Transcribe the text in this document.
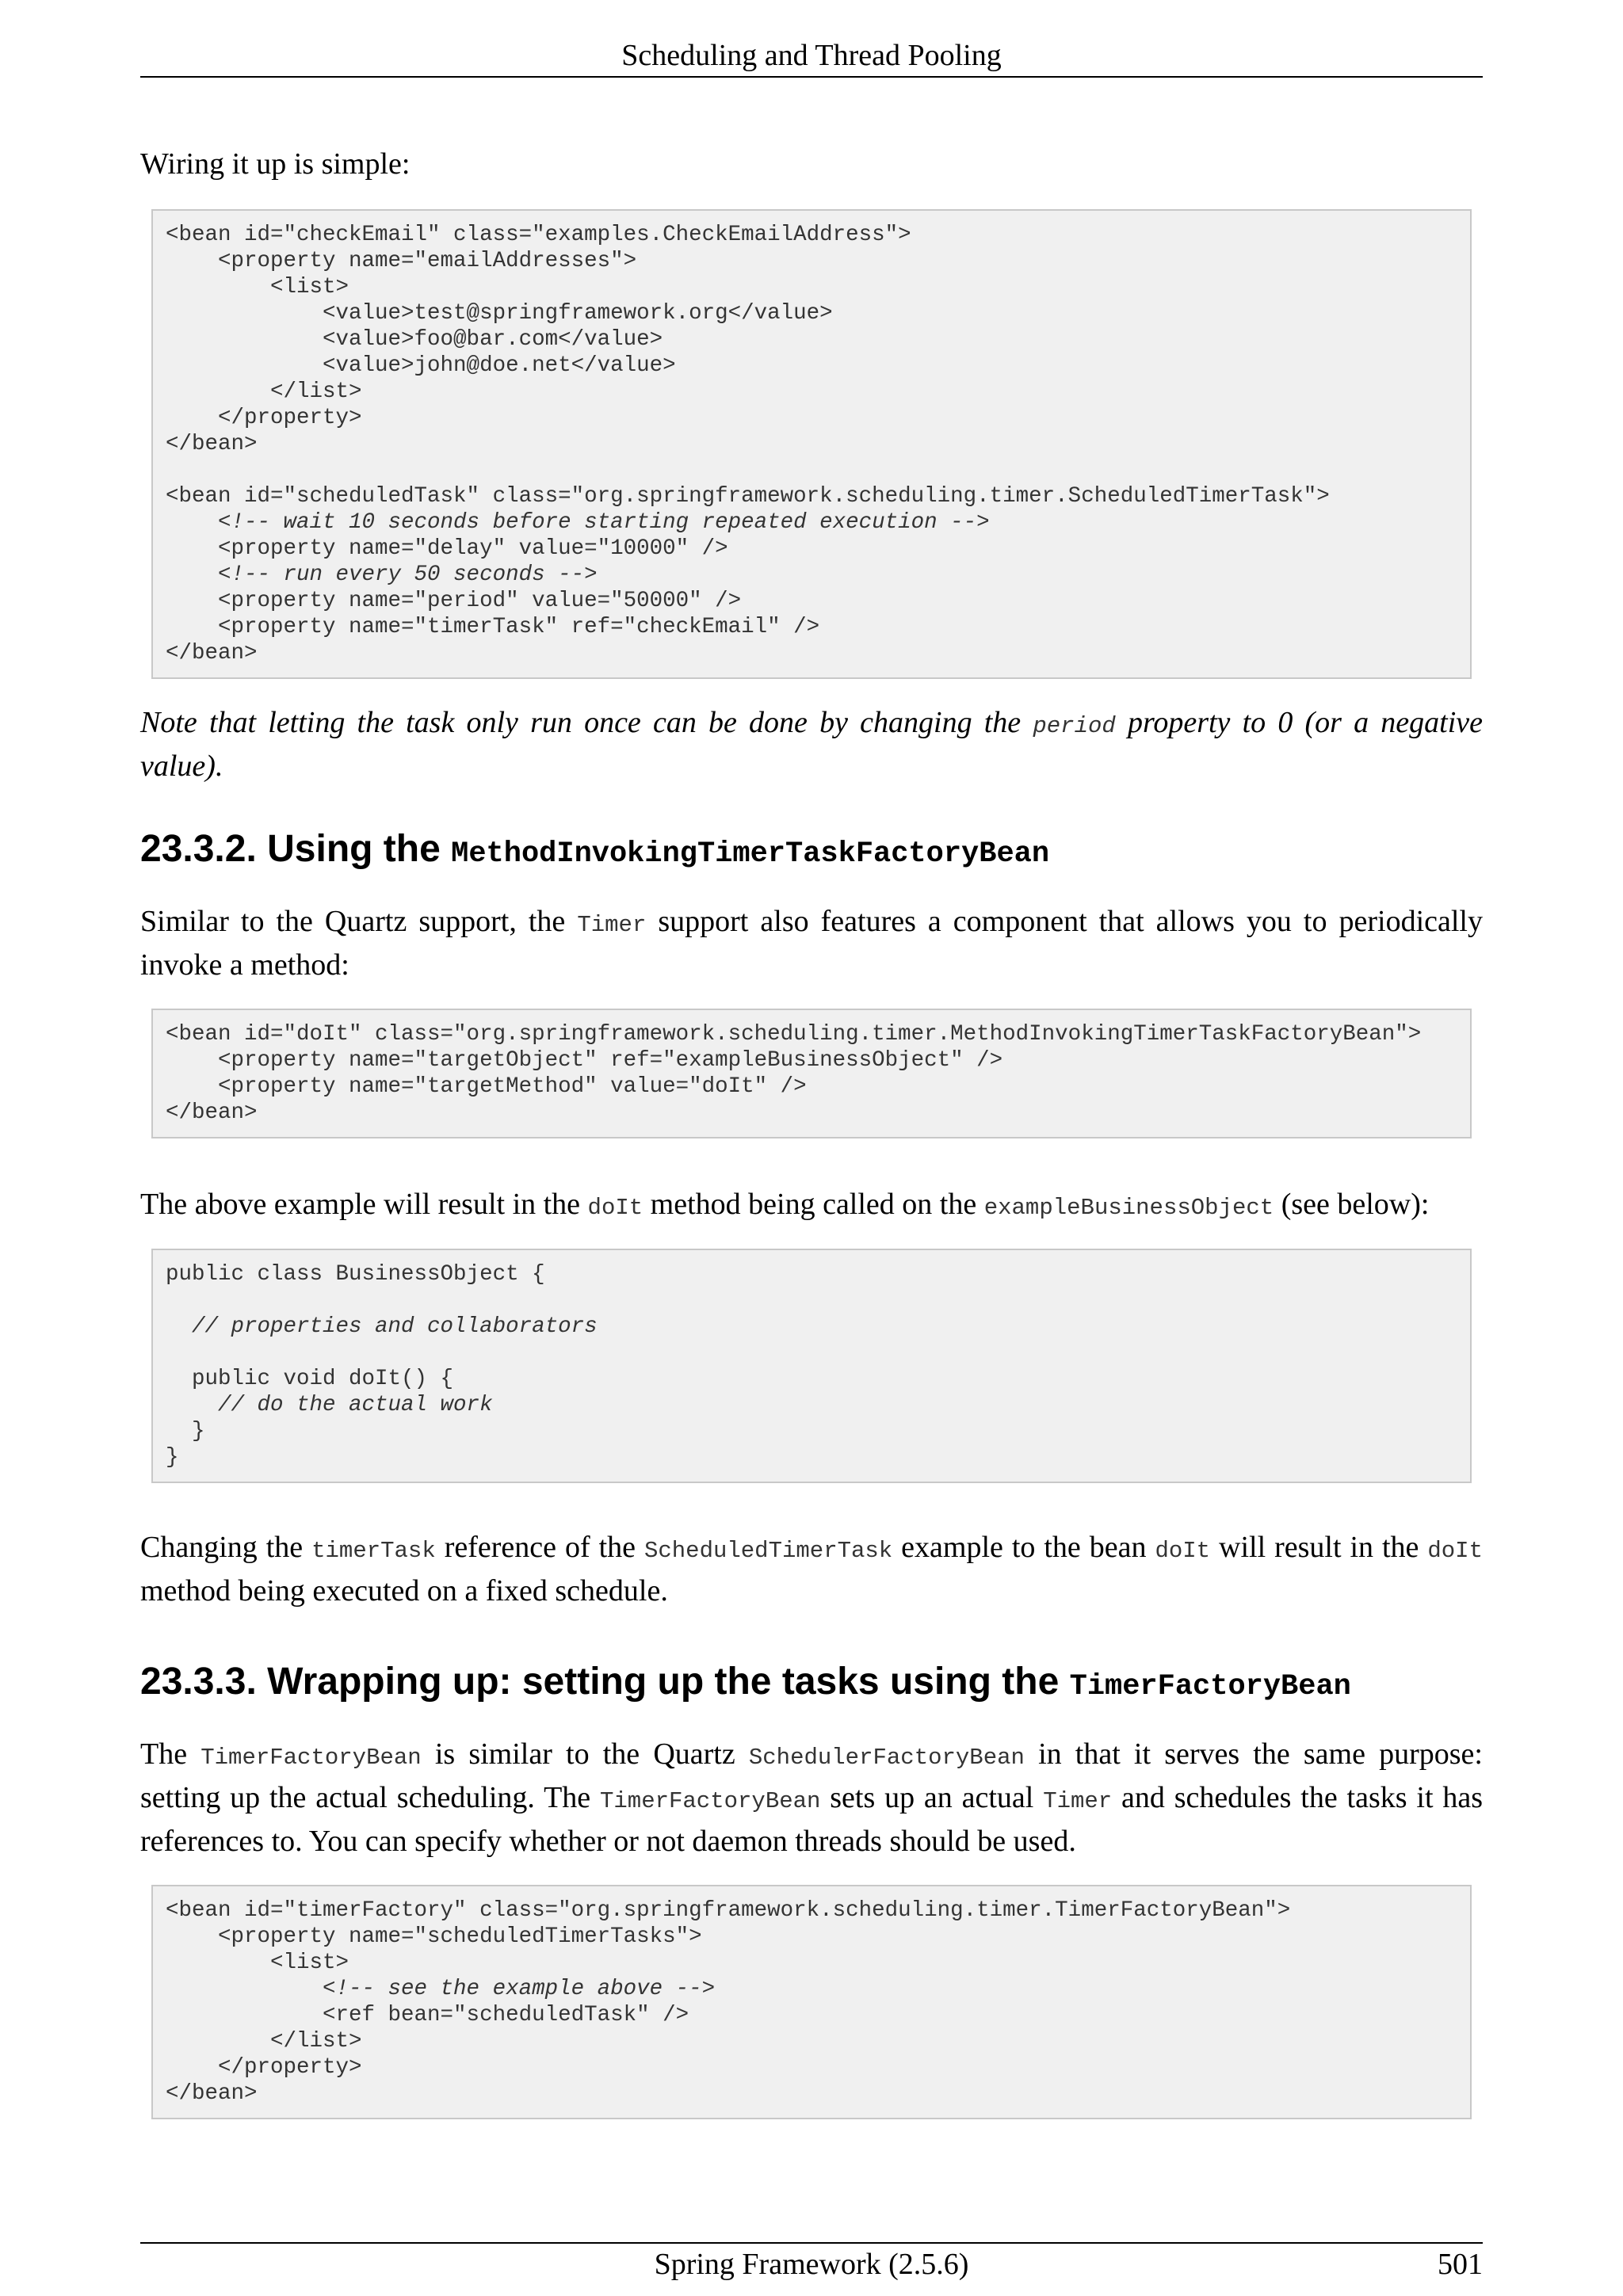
Scheduling and Thread Pooling

Wiring it up is simple:

<bean id="checkEmail" class="examples.CheckEmailAddress">
<property name="emailAddresses">
<list>
<value>test@springframework.org</value>
<value>foo@bar.com</value>
<value>john@doe.net</value>
</list>
</property>
</bean>

<bean id="scheduledTask" class="org.springframework.scheduling.timer.ScheduledTimerTask">
<!-- wait 10 seconds before starting repeated execution -->
<property name="delay" value="10000" />
<!-- run every 50 seconds -->
<property name="period" value="50000" />
<property name="timerTask" ref="checkEmail" />
</bean>

Note that letting the task only run once can be done by changing the period property to 0 (or a negative value).

23.3.2. Using the MethodInvokingTimerTaskFactoryBean

Similar to the Quartz support, the Timer support also features a component that allows you to periodically invoke a method:

<bean id="doIt" class="org.springframework.scheduling.timer.MethodInvokingTimerTaskFactoryBean">
<property name="targetObject" ref="exampleBusinessObject" />
<property name="targetMethod" value="doIt" />
</bean>

The above example will result in the doIt method being called on the exampleBusinessObject (see below):

public class BusinessObject {

// properties and collaborators

public void doIt() {
// do the actual work
}
}

Changing the timerTask reference of the ScheduledTimerTask example to the bean doIt will result in the doIt method being executed on a fixed schedule.

23.3.3. Wrapping up: setting up the tasks using the TimerFactoryBean

The TimerFactoryBean is similar to the Quartz SchedulerFactoryBean in that it serves the same purpose: setting up the actual scheduling. The TimerFactoryBean sets up an actual Timer and schedules the tasks it has references to. You can specify whether or not daemon threads should be used.

<bean id="timerFactory" class="org.springframework.scheduling.timer.TimerFactoryBean">
<property name="scheduledTimerTasks">
<list>
<!-- see the example above -->
<ref bean="scheduledTask" />
</list>
</property>
</bean>
Spring Framework (2.5.6)	501
